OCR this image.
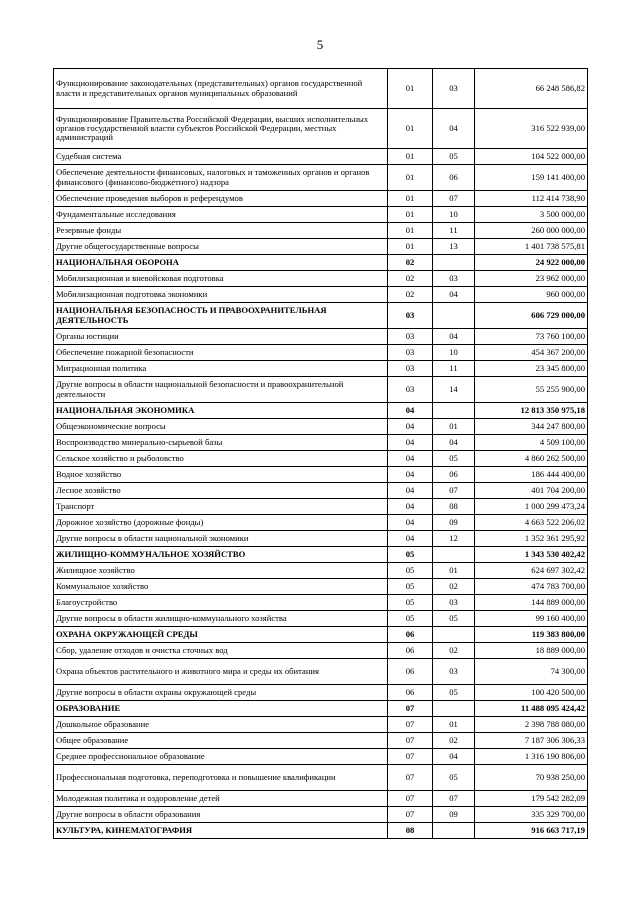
5
Функционирование законодательных (представительных) органов государственной власти и представительных органов муниципальных образований	01	03	66 248 586,82
Функционирование Правительства Российской Федерации, высших исполнительных органов государственной власти субъектов Российской Федерации, местных администраций	01	04	316 522 939,00
Судебная система	01	05	104 522 000,00
Обеспечение деятельности финансовых, налоговых и таможенных органов и органов финансового (финансово-бюджетного) надзора	01	06	159 141 400,00
Обеспечение проведения выборов и референдумов	01	07	112 414 738,90
Фундаментальные исследования	01	10	3 500 000,00
Резервные фонды	01	11	260 000 000,00
Другие общегосударственные вопросы	01	13	1 401 738 575,81
НАЦИОНАЛЬНАЯ ОБОРОНА	02		24 922 000,00
Мобилизационная и вневойсковая подготовка	02	03	23 962 000,00
Мобилизационная подготовка экономики	02	04	960 000,00
НАЦИОНАЛЬНАЯ БЕЗОПАСНОСТЬ И ПРАВООХРАНИТЕЛЬНАЯ ДЕЯТЕЛЬНОСТЬ	03		606 729 000,00
Органы юстиции	03	04	73 760 100,00
Обеспечение пожарной безопасности	03	10	454 367 200,00
Миграционная политика	03	11	23 345 800,00
Другие вопросы в области национальной безопасности и правоохранительной деятельности	03	14	55 255 900,00
НАЦИОНАЛЬНАЯ ЭКОНОМИКА	04		12 813 350 975,18
Общеэкономические вопросы	04	01	344 247 800,00
Воспроизводство минерально-сырьевой базы	04	04	4 509 100,00
Сельское хозяйство и рыболовство	04	05	4 860 262 500,00
Водное хозяйство	04	06	186 444 400,00
Лесное хозяйство	04	07	401 704 200,00
Транспорт	04	08	1 000 299 473,24
Дорожное хозяйство (дорожные фонды)	04	09	4 663 522 206,02
Другие вопросы в области национальной экономики	04	12	1 352 361 295,92
ЖИЛИЩНО-КОММУНАЛЬНОЕ ХОЗЯЙСТВО	05		1 343 530 402,42
Жилищное хозяйство	05	01	624 697 302,42
Коммунальное хозяйство	05	02	474 783 700,00
Благоустройство	05	03	144 889 000,00
Другие вопросы в области жилищно-коммунального хозяйства	05	05	99 160 400,00
ОХРАНА ОКРУЖАЮЩЕЙ СРЕДЫ	06		119 383 800,00
Сбор, удаление отходов и очистка сточных вод	06	02	18 889 000,00
Охрана объектов растительного и животного мира и среды их обитания	06	03	74 300,00
Другие вопросы в области охраны окружающей среды	06	05	100 420 500,00
ОБРАЗОВАНИЕ	07		11 488 095 424,42
Дошкольное образование	07	01	2 398 788 080,00
Общее образование	07	02	7 187 306 306,33
Среднее профессиональное образование	07	04	1 316 190 806,00
Профессиональная подготовка, переподготовка и повышение квалификации	07	05	70 938 250,00
Молодежная политика и оздоровление детей	07	07	179 542 282,09
Другие вопросы в области образования	07	09	335 329 700,00
КУЛЬТУРА, КИНЕМАТОГРАФИЯ	08		916 663 717,19
